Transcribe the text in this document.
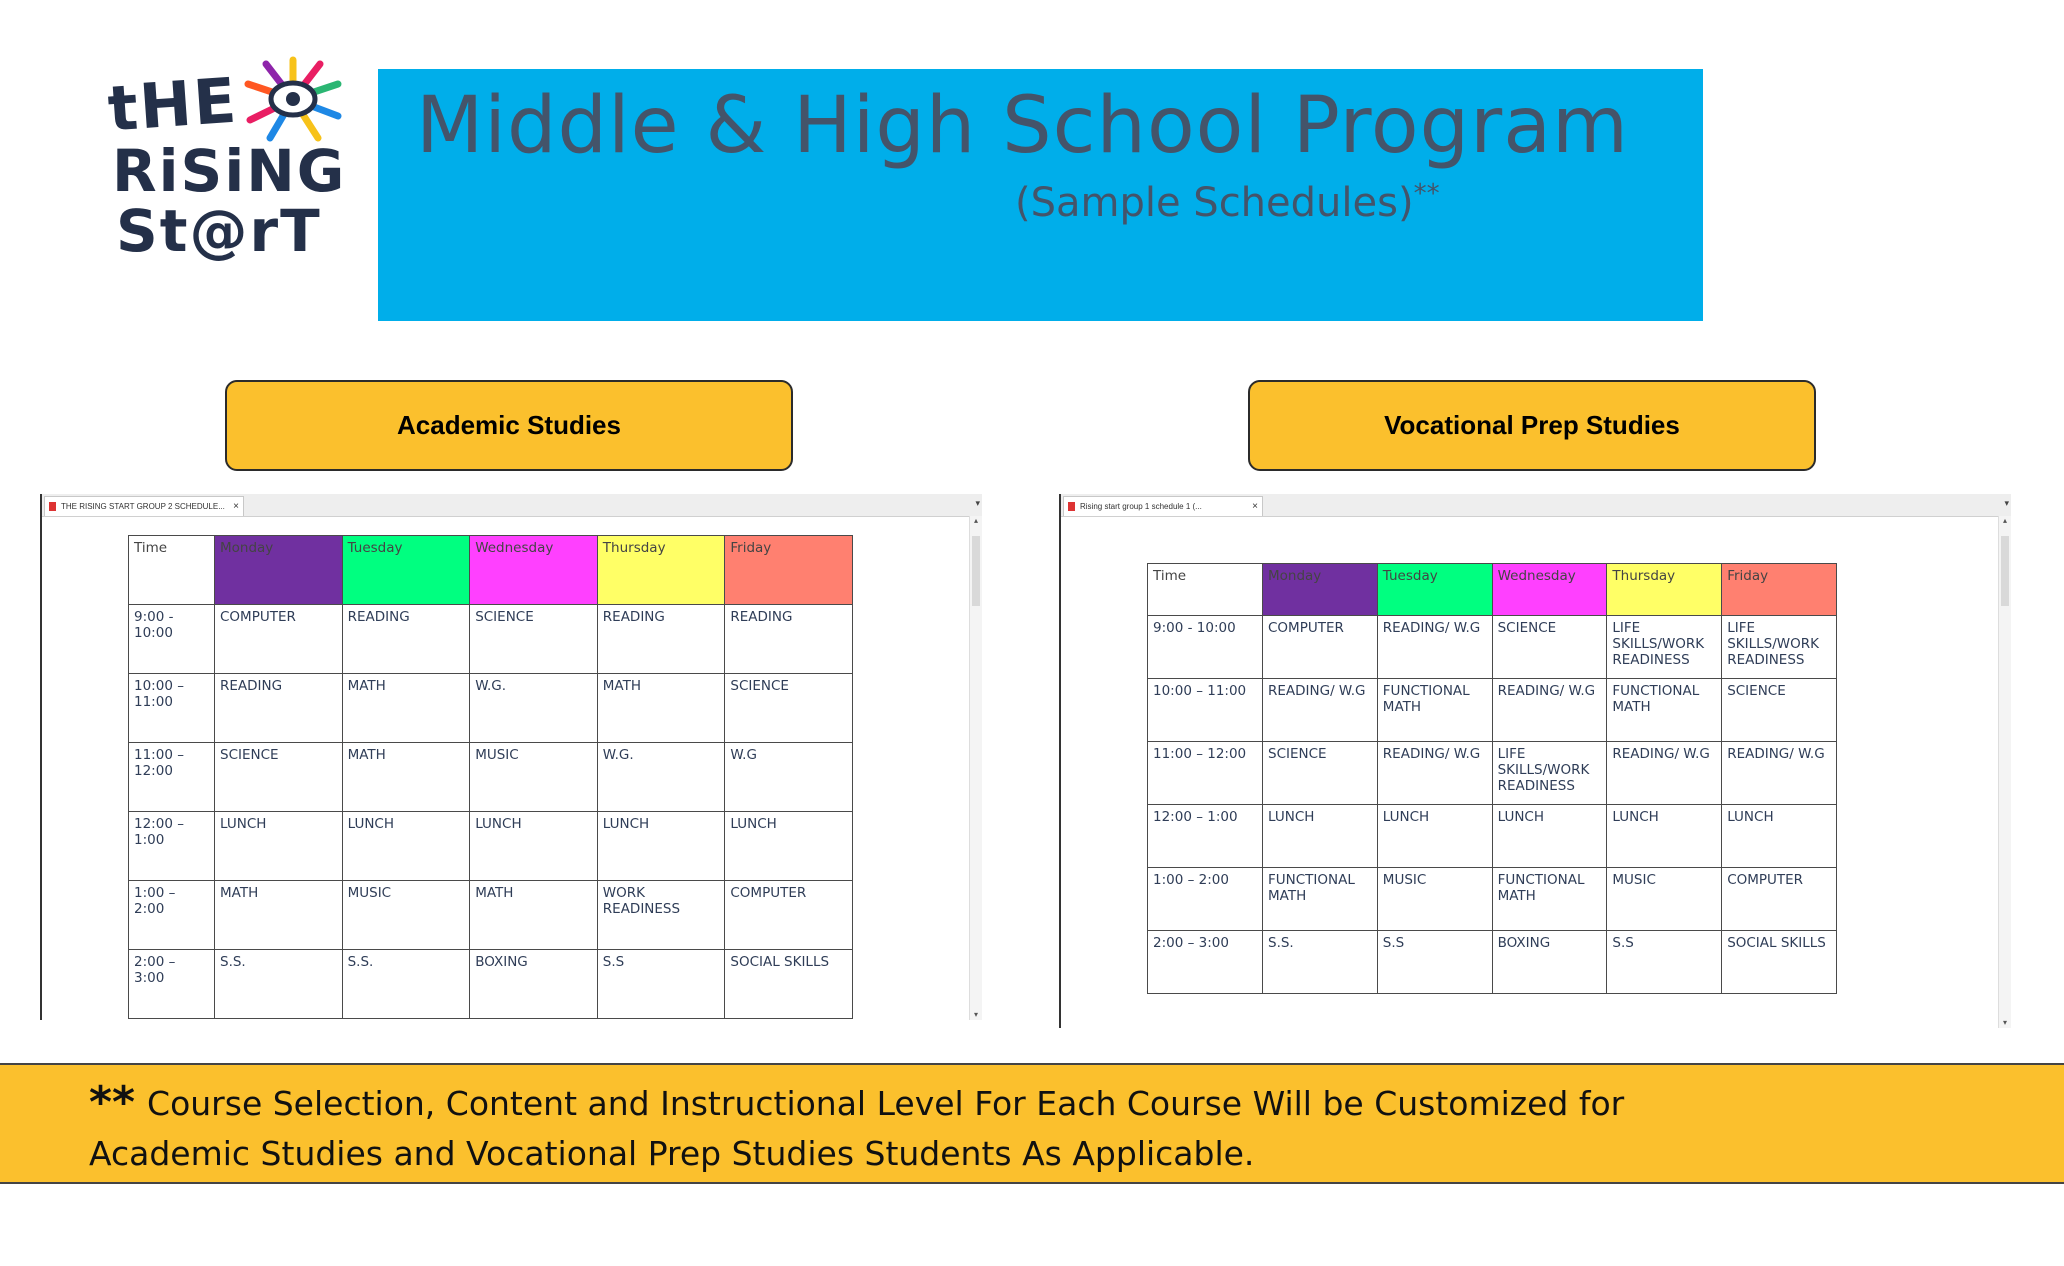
tHE
RiSiNG
St@rT
Middle & High School Program
(Sample Schedules)**
Academic Studies	Vocational Prep Studies
THE RISING START GROUP 2 SCHEDULE... ×	▾
▴
▾
Time	Monday	Tuesday	Wednesday	Thursday	Friday
9:00 - 10:00	COMPUTER	READING	SCIENCE	READING	READING
10:00 – 11:00	READING	MATH	W.G.	MATH	SCIENCE
11:00 – 12:00	SCIENCE	MATH	MUSIC	W.G.	W.G
12:00 – 1:00	LUNCH	LUNCH	LUNCH	LUNCH	LUNCH
1:00 – 2:00	MATH	MUSIC	MATH	WORK READINESS	COMPUTER
2:00 – 3:00	S.S.	S.S.	BOXING	S.S	SOCIAL SKILLS
Rising start group 1 schedule 1 (...	×	▾
▴
▾
Time	Monday	Tuesday	Wednesday	Thursday	Friday
9:00 - 10:00	COMPUTER	READING/ W.G	SCIENCE	LIFE SKILLS/WORK READINESS	LIFE SKILLS/WORK READINESS
10:00 – 11:00	READING/ W.G	FUNCTIONAL MATH	READING/ W.G	FUNCTIONAL MATH	SCIENCE
11:00 – 12:00	SCIENCE	READING/ W.G	LIFE SKILLS/WORK READINESS	READING/ W.G	READING/ W.G
12:00 – 1:00	LUNCH	LUNCH	LUNCH	LUNCH	LUNCH
1:00 – 2:00	FUNCTIONAL MATH	MUSIC	FUNCTIONAL MATH	MUSIC	COMPUTER
2:00 – 3:00	S.S.	S.S	BOXING	S.S	SOCIAL SKILLS
** Course Selection, Content and Instructional Level For Each Course Will be Customized for
Academic Studies and Vocational Prep Studies Students As Applicable.
